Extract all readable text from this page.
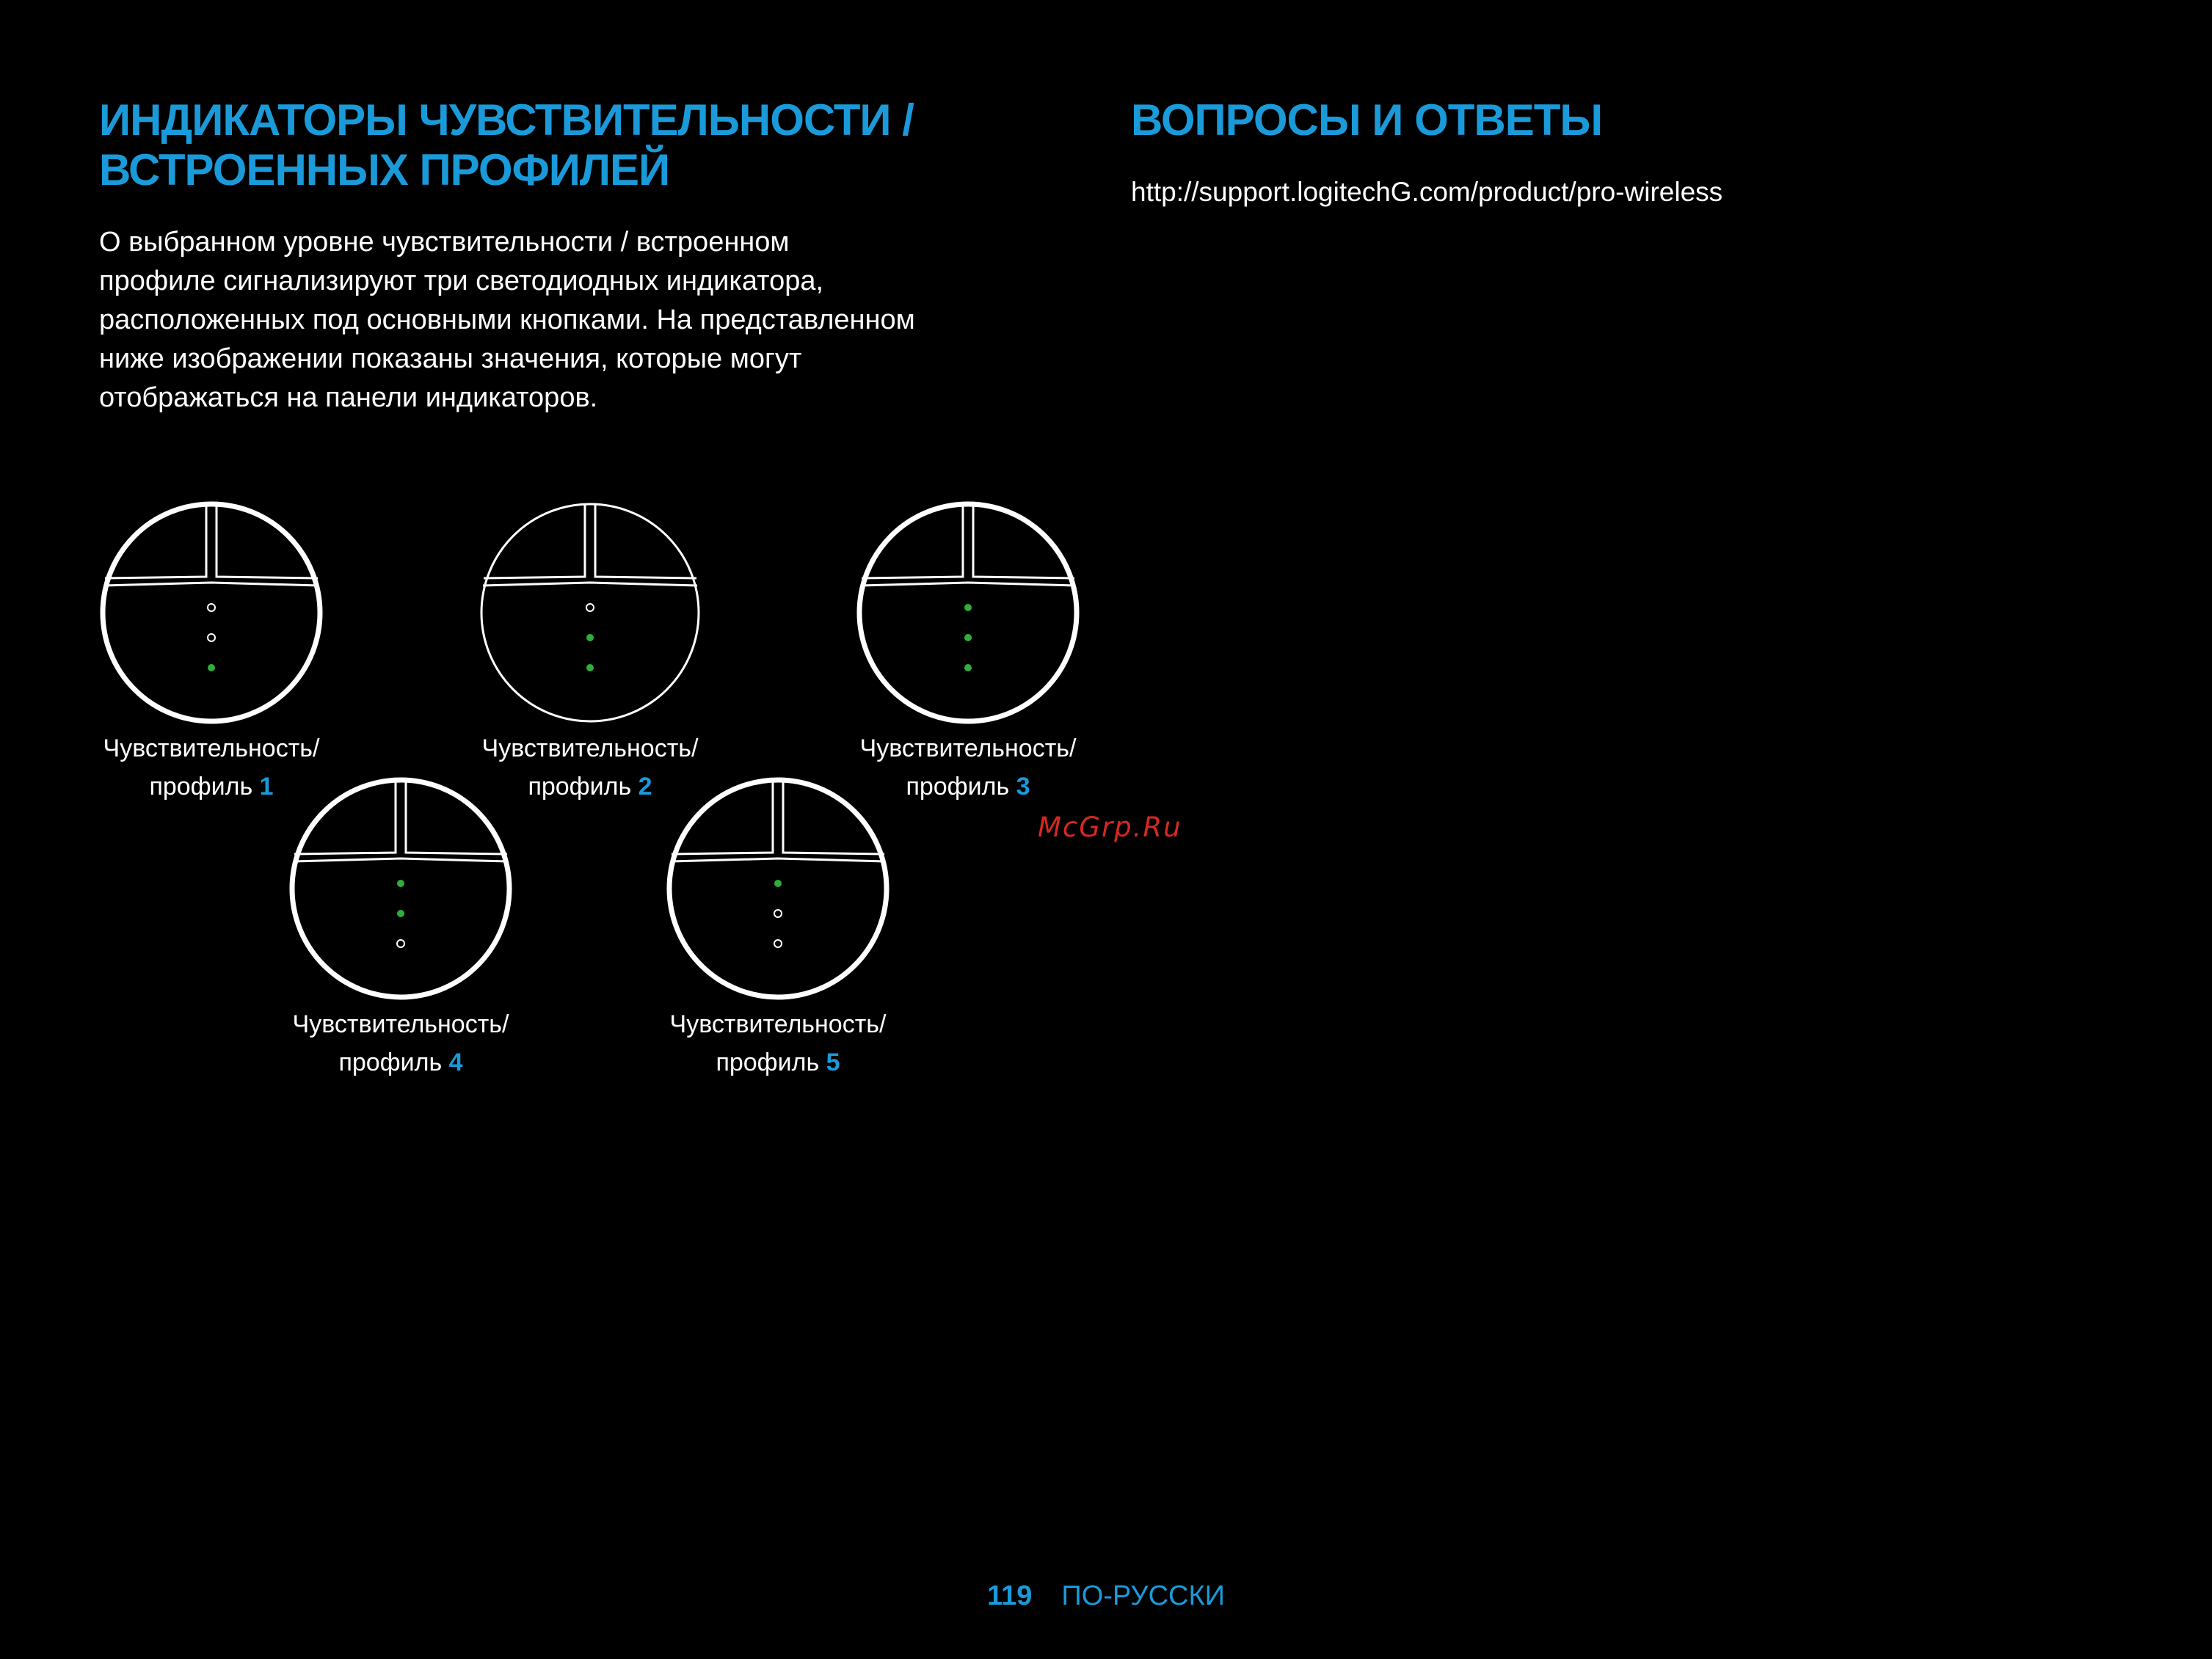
ИНДИКАТОРЫ ЧУВСТВИТЕЛЬНОСТИ /
ВСТРОЕННЫХ ПРОФИЛЕЙ

О выбранном уровне чувствительности / встроенном
профиле сигнализируют три светодиодных индикатора,
расположенных под основными кнопками. На представленном
ниже изображении показаны значения, которые могут
отображаться на панели индикаторов.

ВОПРОСЫ И ОТВЕТЫ
http://support.logitechG.com/product/pro-wireless
Чувствительность/
профиль 1
Чувствительность/
профиль 2
Чувствительность/
профиль 3
Чувствительность/
профиль 4
Чувствительность/
профиль 5
McGrp.Ru
119 ПО-РУССКИ
